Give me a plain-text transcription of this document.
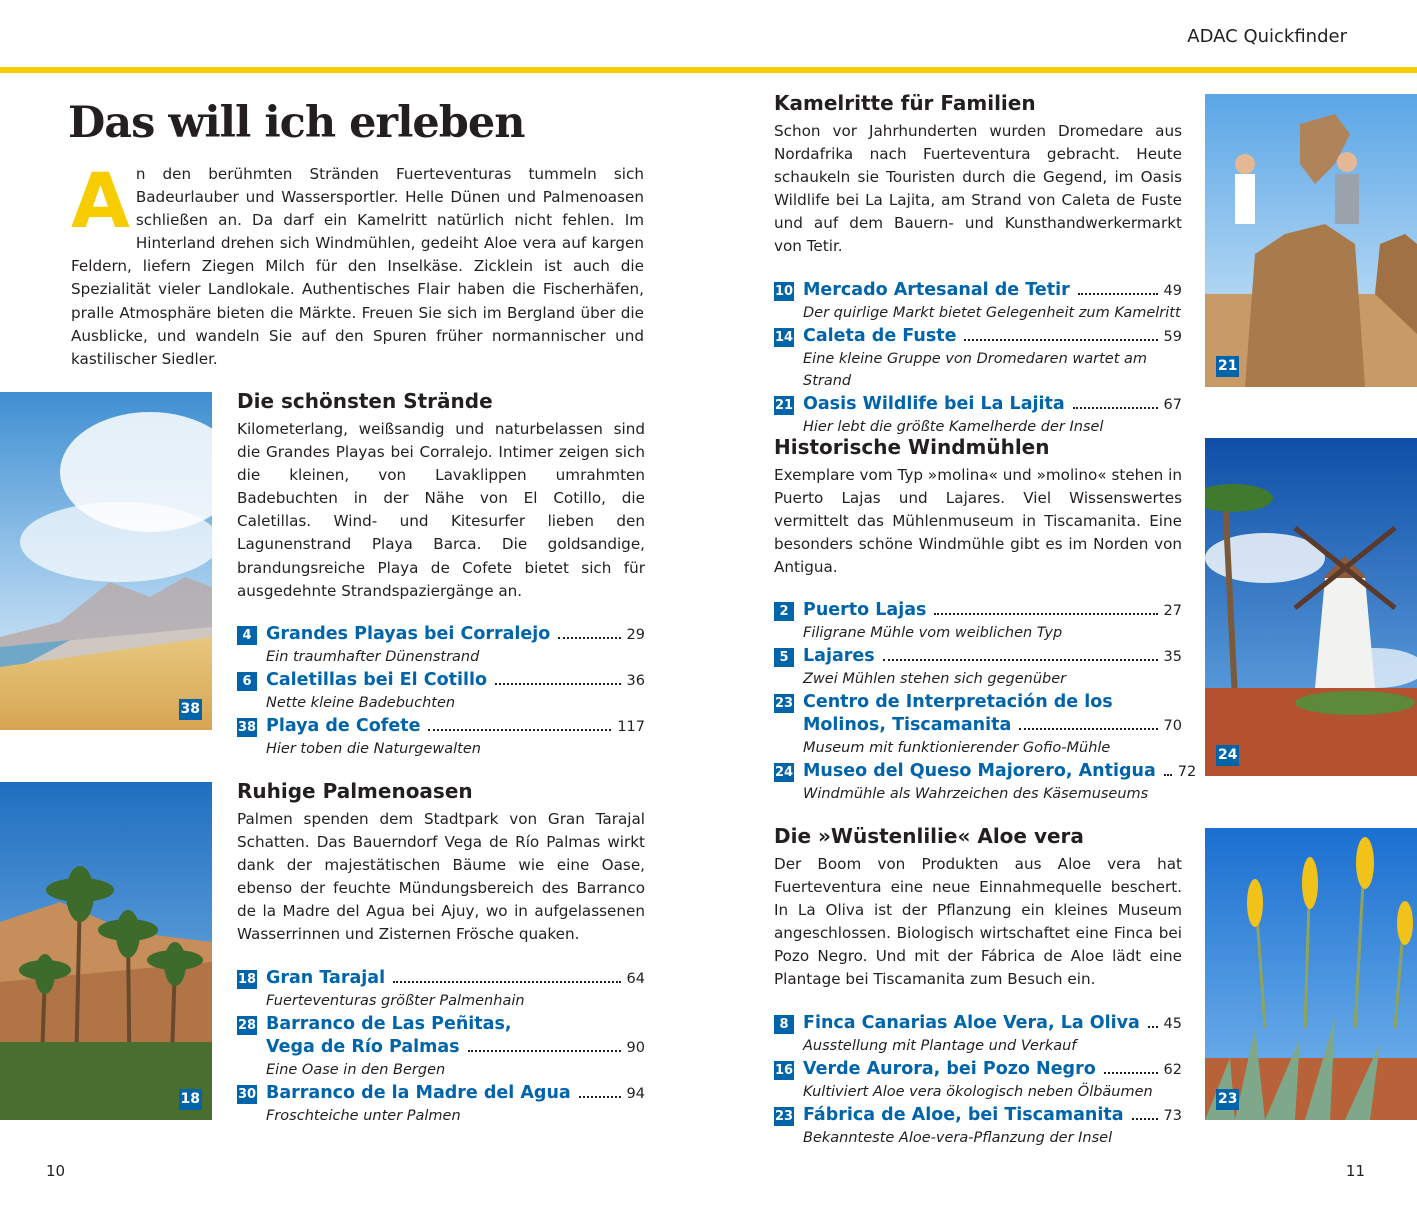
ADAC Quickfinder
Das will ich erleben
An den berühmten Stränden Fuerteventuras tummeln sich Badeurlauber und Wassersportler. Helle Dünen und Palmenoasen schließen an. Da darf ein Kamelritt natürlich nicht fehlen. Im Hinterland drehen sich Windmühlen, gedeiht Aloe vera auf kargen Feldern, liefern Ziegen Milch für den Inselkäse. Zicklein ist auch die Spezialität vieler Landlokale. Authentisches Flair haben die Fischerhäfen, pralle Atmosphäre bieten die Märkte. Freuen Sie sich im Bergland über die Ausblicke, und wandeln Sie auf den Spuren früher normannischer und kastilischer Siedler.
38
18
21
24
23
Die schönsten Strände
Kilometerlang, weißsandig und naturbelassen sind die Grandes Playas bei Corralejo. Intimer zeigen sich die kleinen, von Lavaklippen umrahmten Badebuchten in der Nähe von El Cotillo, die Caletillas. Wind- und Kitesurfer lieben den Lagunenstrand Playa Barca. Die goldsandige, brandungsreiche Playa de Cofete bietet sich für ausgedehnte Strandspaziergänge an.
4 Grandes Playas bei Corralejo	29
Ein traumhafter Dünenstrand
6 Caletillas bei El Cotillo	36
Nette kleine Badebuchten
38 Playa de Cofete	117
Hier toben die Naturgewalten
Ruhige Palmenoasen
Palmen spenden dem Stadtpark von Gran Tarajal Schatten. Das Bauerndorf Vega de Río Palmas wirkt dank der majestätischen Bäume wie eine Oase, ebenso der feuchte Mündungsbereich des Barranco de la Madre del Agua bei Ajuy, wo in aufgelassenen Wasserrinnen und Zisternen Frösche quaken.
18 Gran Tarajal	64
Fuerteventuras größter Palmenhain
28 Barranco de Las Peñitas,
Vega de Río Palmas	90
Eine Oase in den Bergen
30 Barranco de la Madre del Agua	94
Froschteiche unter Palmen
Kamelritte für Familien
Schon vor Jahrhunderten wurden Dromedare aus Nordafrika nach Fuerteventura gebracht. Heute schaukeln sie Touristen durch die Gegend, im Oasis Wildlife bei La Lajita, am Strand von Caleta de Fuste und auf dem Bauern- und Kunsthandwerkermarkt von Tetir.
10 Mercado Artesanal de Tetir	49
Der quirlige Markt bietet Gelegenheit zum Kamelritt
14 Caleta de Fuste	59
Eine kleine Gruppe von Dromedaren wartet am Strand
21 Oasis Wildlife bei La Lajita	67
Hier lebt die größte Kamelherde der Insel
Historische Windmühlen
Exemplare vom Typ »molina« und »molino« stehen in Puerto Lajas und Lajares. Viel Wissenswertes vermittelt das Mühlenmuseum in Tiscamanita. Eine besonders schöne Windmühle gibt es im Norden von Antigua.
2 Puerto Lajas	27
Filigrane Mühle vom weiblichen Typ
5 Lajares	35
Zwei Mühlen stehen sich gegenüber
23 Centro de Interpretación de los
Molinos, Tiscamanita	70
Museum mit funktionierender Gofio-Mühle
24 Museo del Queso Majorero, Antigua 72
Windmühle als Wahrzeichen des Käsemuseums
Die »Wüstenlilie« Aloe vera
Der Boom von Produkten aus Aloe vera hat Fuerteventura eine neue Einnahmequelle beschert. In La Oliva ist der Pflanzung ein kleines Museum angeschlossen. Biologisch wirtschaftet eine Finca bei Pozo Negro. Und mit der Fábrica de Aloe lädt eine Plantage bei Tiscamanita zum Besuch ein.
8 Finca Canarias Aloe Vera, La Oliva 45
Ausstellung mit Plantage und Verkauf
16 Verde Aurora, bei Pozo Negro	62
Kultiviert Aloe vera ökologisch neben Ölbäumen
23 Fábrica de Aloe, bei Tiscamanita	73
Bekannteste Aloe-vera-Pflanzung der Insel
10	11
